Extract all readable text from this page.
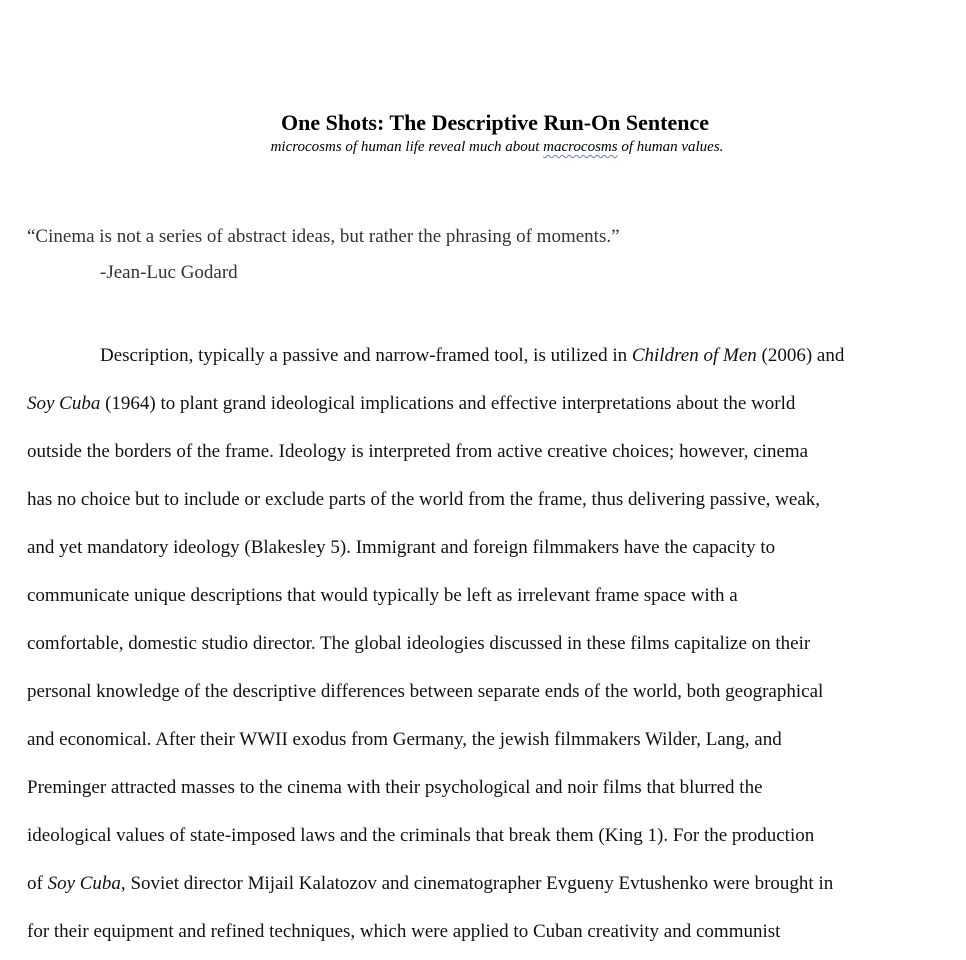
One Shots: The Descriptive Run-On Sentence
microcosms of human life reveal much about macrocosms of human values.
“Cinema is not a series of abstract ideas, but rather the phrasing of moments.”
-Jean-Luc Godard
Description, typically a passive and narrow-framed tool, is utilized in Children of Men (2006) and
Soy Cuba (1964) to plant grand ideological implications and effective interpretations about the world
outside the borders of the frame. Ideology is interpreted from active creative choices; however, cinema
has no choice but to include or exclude parts of the world from the frame, thus delivering passive, weak,
and yet mandatory ideology (Blakesley 5). Immigrant and foreign filmmakers have the capacity to
communicate unique descriptions that would typically be left as irrelevant frame space with a
comfortable, domestic studio director. The global ideologies discussed in these films capitalize on their
personal knowledge of the descriptive differences between separate ends of the world, both geographical
and economical. After their WWII exodus from Germany, the jewish filmmakers Wilder, Lang, and
Preminger attracted masses to the cinema with their psychological and noir films that blurred the
ideological values of state-imposed laws and the criminals that break them (King 1). For the production
of Soy Cuba, Soviet director Mijail Kalatozov and cinematographer Evgueny Evtushenko were brought in
for their equipment and refined techniques, which were applied to Cuban creativity and communist
